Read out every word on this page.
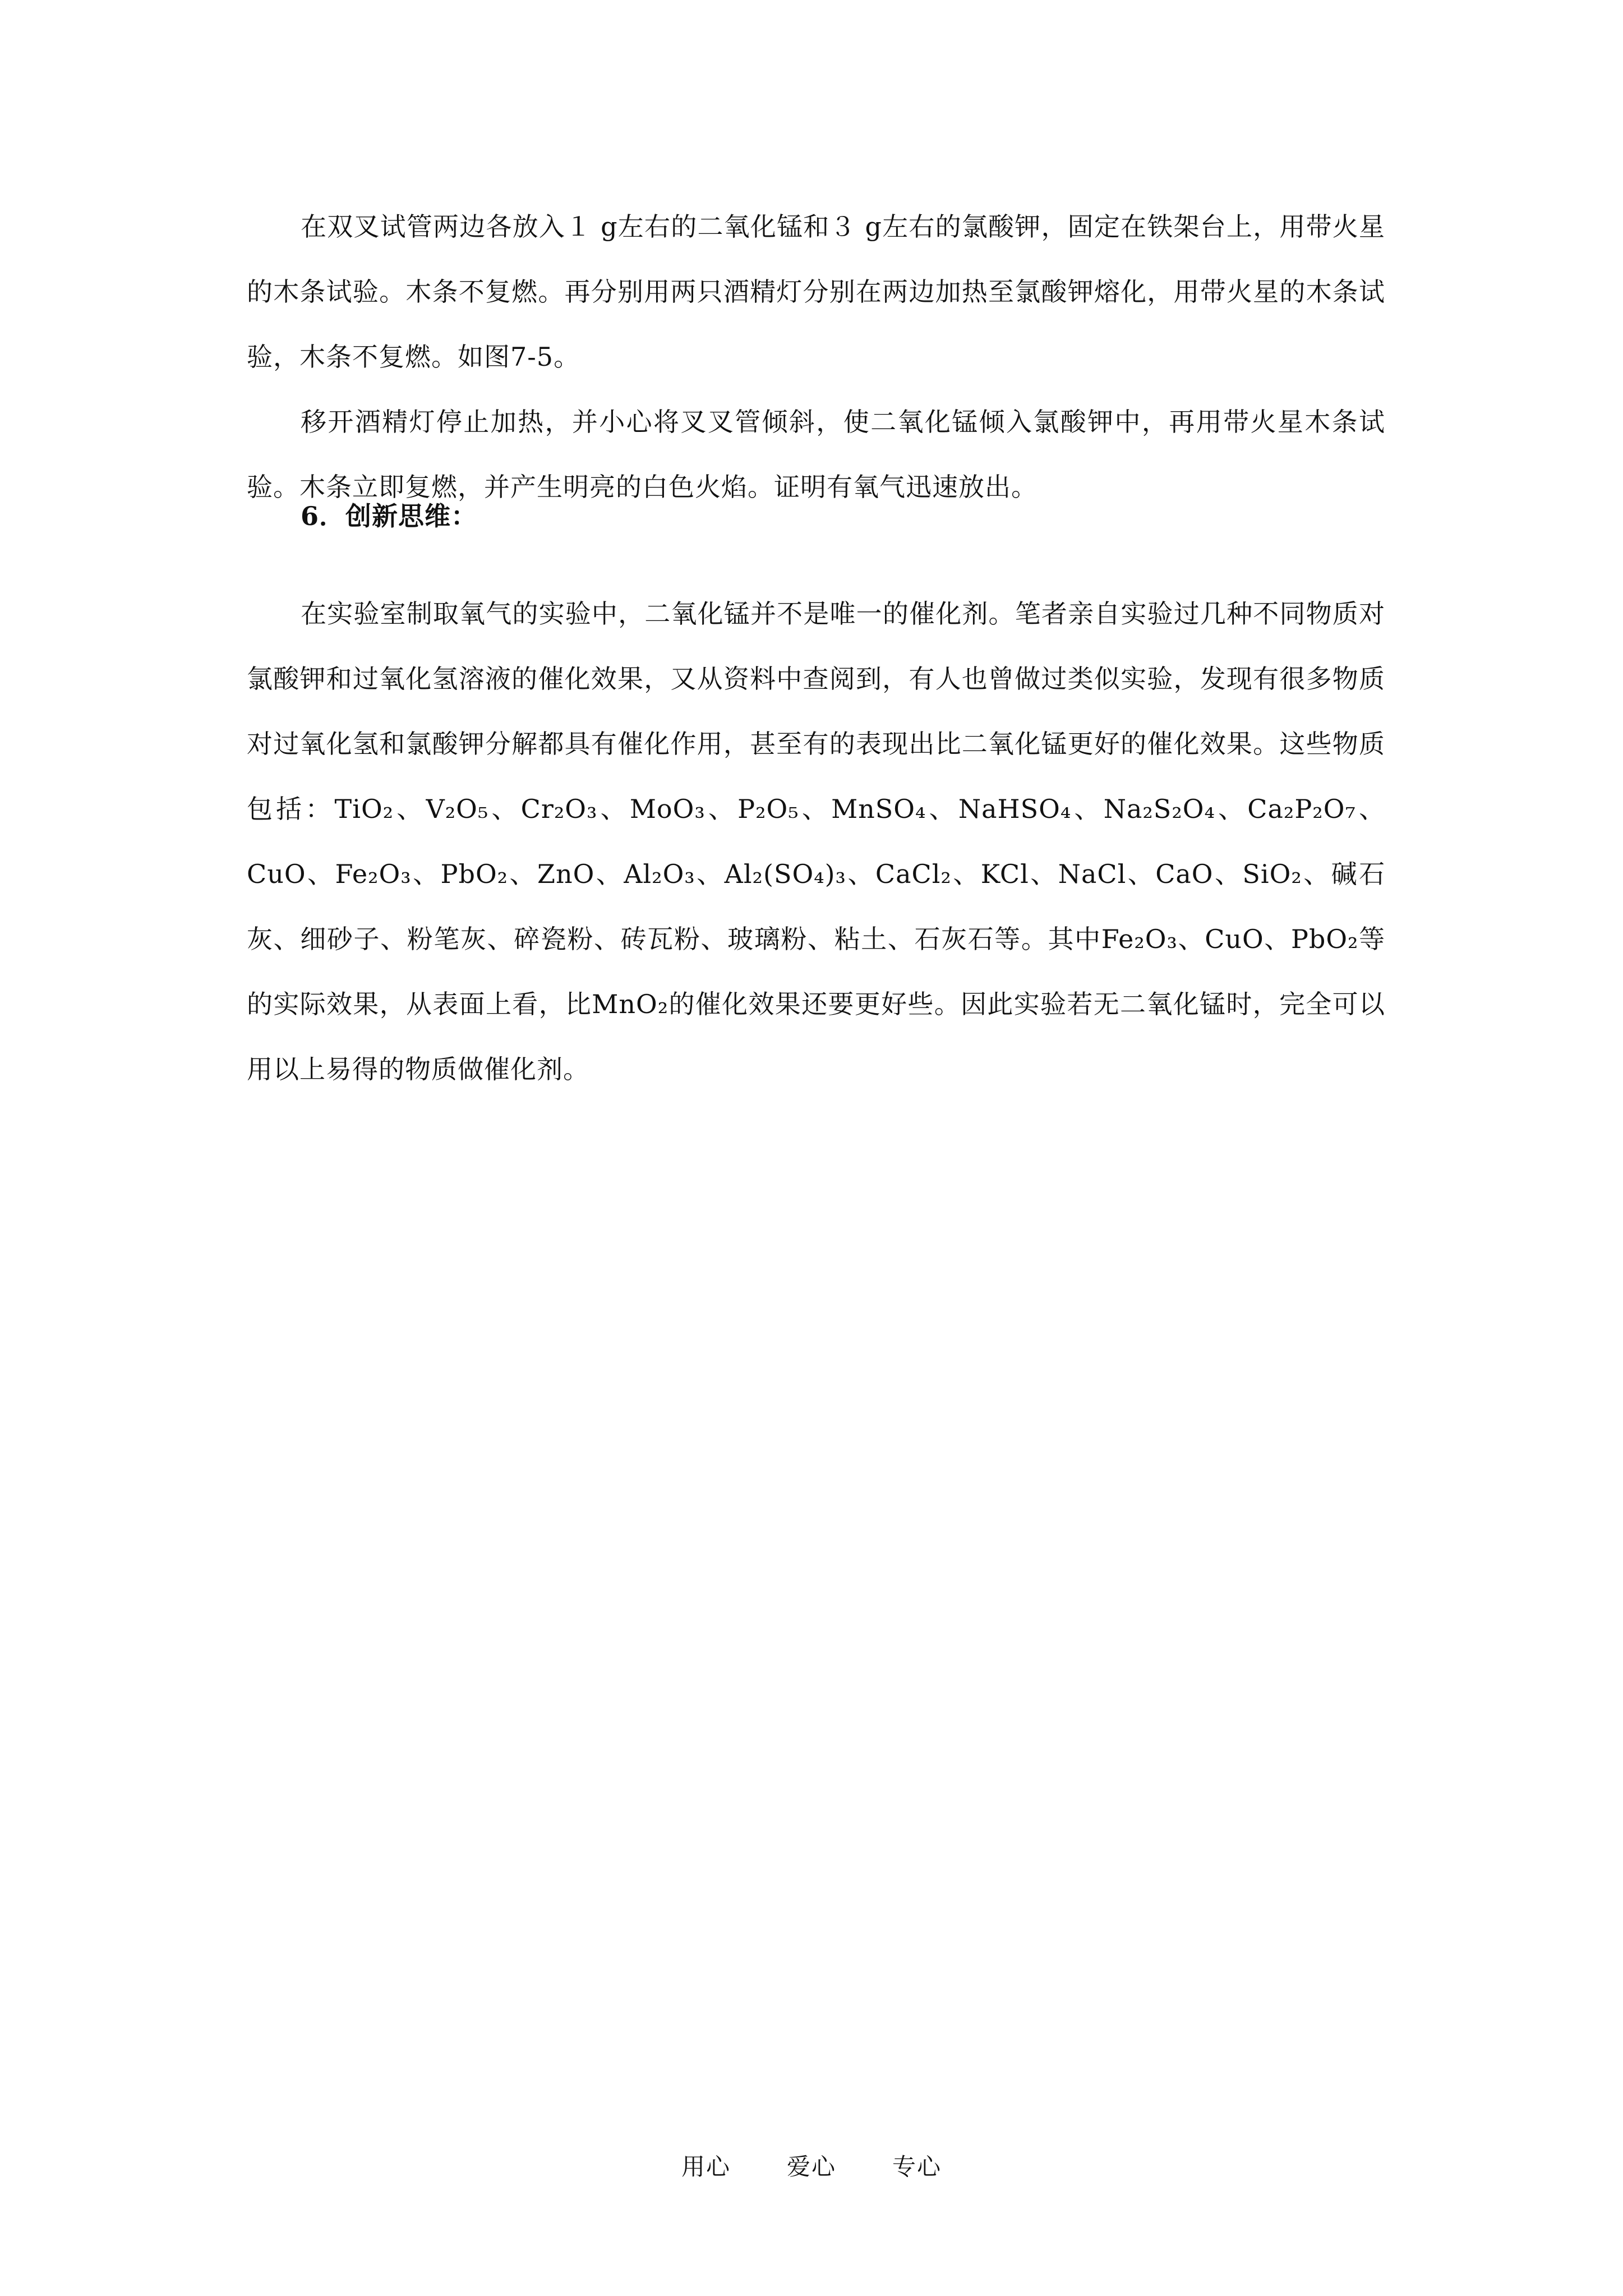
在双叉试管两边各放入１ g左右的二氧化锰和３ g左右的氯酸钾，固定在铁架台上，用带火星的木条试验。木条不复燃。再分别用两只酒精灯分别在两边加热至氯酸钾熔化，用带火星的木条试验，木条不复燃。如图7-5。

移开酒精灯停止加热，并小心将叉叉管倾斜，使二氧化锰倾入氯酸钾中，再用带火星木条试验。木条立即复燃，并产生明亮的白色火焰。证明有氧气迅速放出。

6．创新思维：

在实验室制取氧气的实验中，二氧化锰并不是唯一的催化剂。笔者亲自实验过几种不同物质对氯酸钾和过氧化氢溶液的催化效果，又从资料中查阅到，有人也曾做过类似实验，发现有很多物质对过氧化氢和氯酸钾分解都具有催化作用，甚至有的表现出比二氧化锰更好的催化效果。这些物质包括：TiO₂、V₂O₅、Cr₂O₃、MoO₃、P₂O₅、MnSO₄、NaHSO₄、Na₂S₂O₄、Ca₂P₂O₇、CuO、Fe₂O₃、PbO₂、ZnO、Al₂O₃、Al₂(SO₄)₃、CaCl₂、KCl、NaCl、CaO、SiO₂、碱石灰、细砂子、粉笔灰、碎瓷粉、砖瓦粉、玻璃粉、粘土、石灰石等。其中Fe₂O₃、CuO、PbO₂等的实际效果，从表面上看，比MnO₂的催化效果还要更好些。因此实验若无二氧化锰时，完全可以用以上易得的物质做催化剂。

用心 爱心 专心
